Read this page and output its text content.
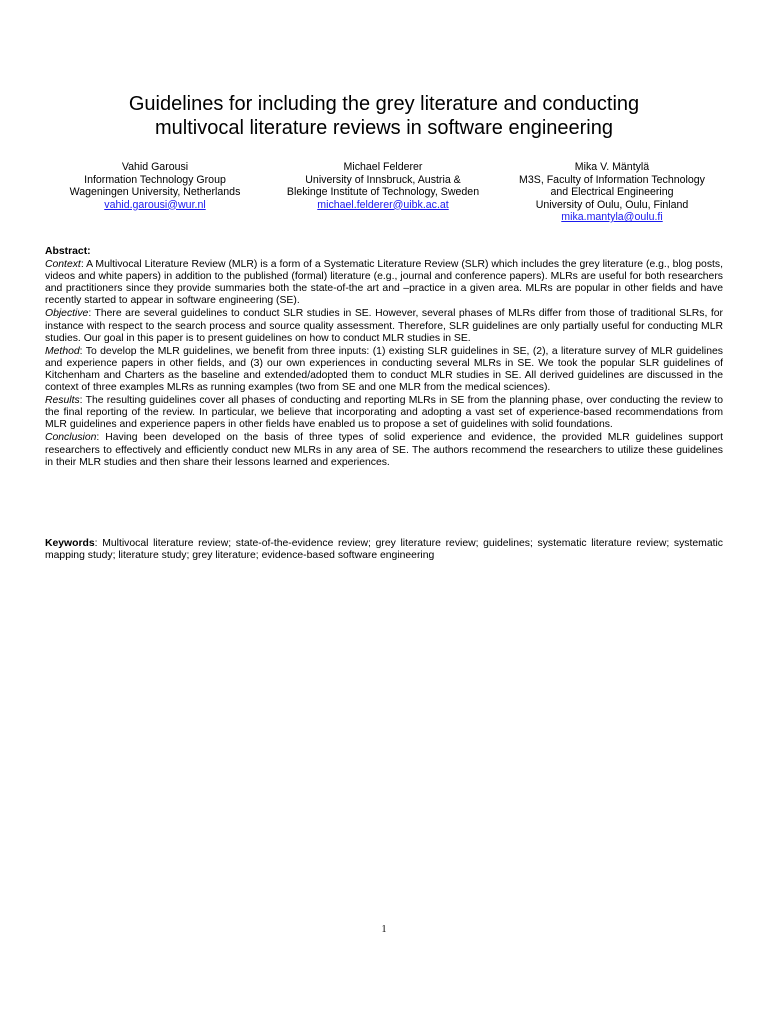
Guidelines for including the grey literature and conducting
multivocal literature reviews in software engineering
Vahid Garousi
Information Technology Group
Wageningen University, Netherlands
vahid.garousi@wur.nl
Michael Felderer
University of Innsbruck, Austria &
Blekinge Institute of Technology, Sweden
michael.felderer@uibk.ac.at
Mika V. Mäntylä
M3S, Faculty of Information Technology
and Electrical Engineering
University of Oulu, Oulu, Finland
mika.mantyla@oulu.fi
Abstract:
Context: A Multivocal Literature Review (MLR) is a form of a Systematic Literature Review (SLR) which includes the grey literature (e.g., blog posts, videos and white papers) in addition to the published (formal) literature (e.g., journal and conference papers). MLRs are useful for both researchers and practitioners since they provide summaries both the state-of-the art and –practice in a given area. MLRs are popular in other fields and have recently started to appear in software engineering (SE).
Objective: There are several guidelines to conduct SLR studies in SE. However, several phases of MLRs differ from those of traditional SLRs, for instance with respect to the search process and source quality assessment. Therefore, SLR guidelines are only partially useful for conducting MLR studies. Our goal in this paper is to present guidelines on how to conduct MLR studies in SE.
Method: To develop the MLR guidelines, we benefit from three inputs: (1) existing SLR guidelines in SE, (2), a literature survey of MLR guidelines and experience papers in other fields, and (3) our own experiences in conducting several MLRs in SE. We took the popular SLR guidelines of Kitchenham and Charters as the baseline and extended/adopted them to conduct MLR studies in SE. All derived guidelines are discussed in the context of three examples MLRs as running examples (two from SE and one MLR from the medical sciences).
Results: The resulting guidelines cover all phases of conducting and reporting MLRs in SE from the planning phase, over conducting the review to the final reporting of the review. In particular, we believe that incorporating and adopting a vast set of experience-based recommendations from MLR guidelines and experience papers in other fields have enabled us to propose a set of guidelines with solid foundations.
Conclusion: Having been developed on the basis of three types of solid experience and evidence, the provided MLR guidelines support researchers to effectively and efficiently conduct new MLRs in any area of SE. The authors recommend the researchers to utilize these guidelines in their MLR studies and then share their lessons learned and experiences.
Keywords: Multivocal literature review; state-of-the-evidence review; grey literature review; guidelines; systematic literature review; systematic mapping study; literature study; grey literature; evidence-based software engineering
1
